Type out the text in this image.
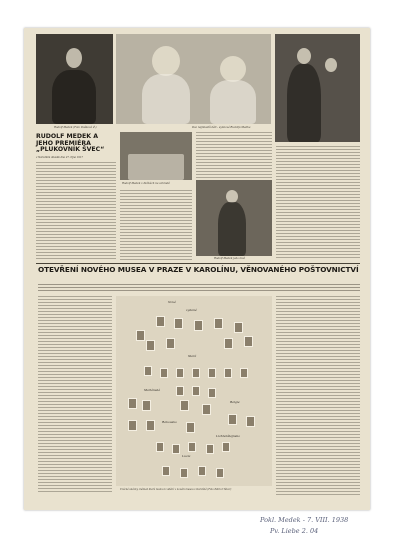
Rudolf Medek (Foto Dušková Ž.)	Dva nejmladší děti - synkové Rudolfa Medka
RUDOLF MEDEK A JEHO PREMIÉRA „PLUKOVNÍK ŠVEC“
v Národním divadle dne 27. října 1917
Rudolf Medek v Pečkách na zahradě
Rudolf Medek jako muž
OTEVŘENÍ NOVÉHO MUSEA V PRAZE V KAROLÍNU, VĚNOVANÉHO POŠTOVNICTVÍ
Nové
vydané
Staré
Mariánské
Rakousko
Belgie
Lichtenštejnsko
Lucie
Vzácné ukázky známek které budou k vidění v novém museu v Karolíně (Foto Patriot Tábor)
Pokl. Medek - 7. VIII. 1938
Pv. Liebe 2. 04
